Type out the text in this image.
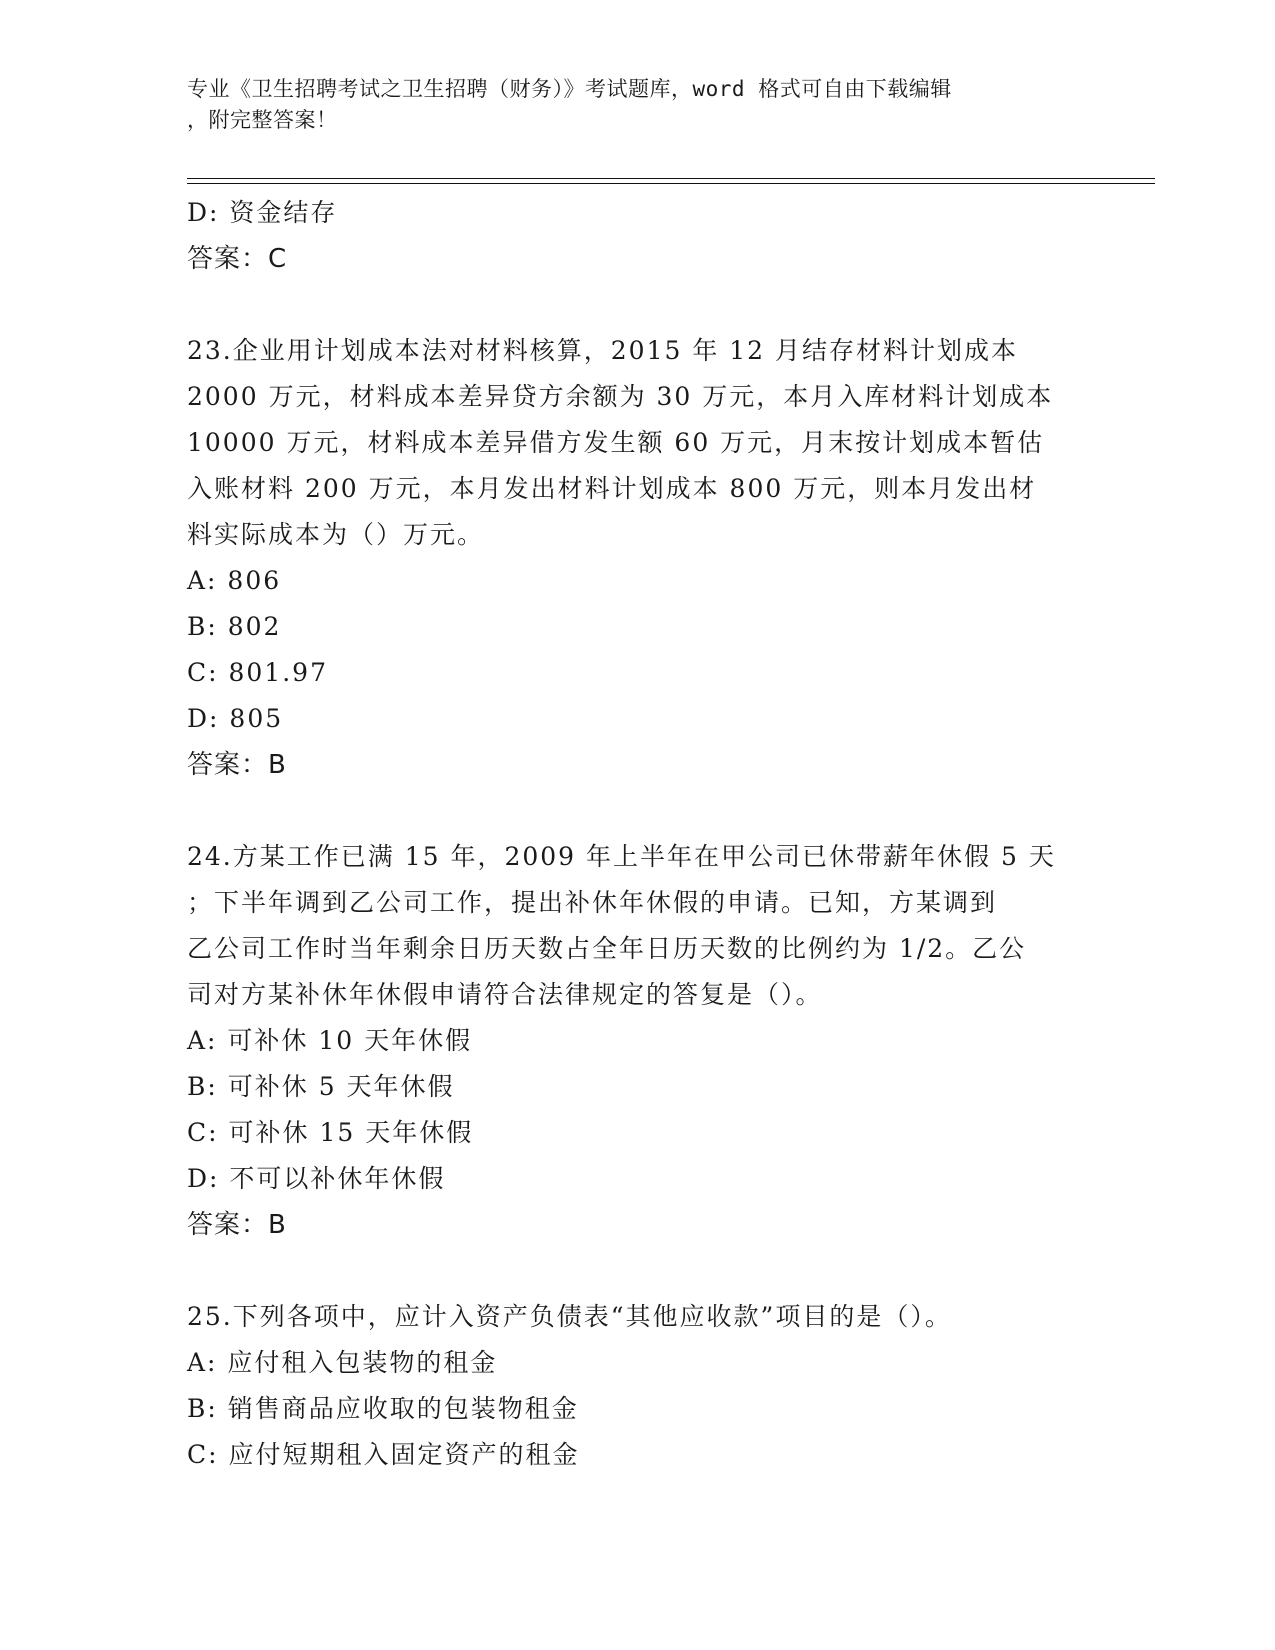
专业《卫生招聘考试之卫生招聘（财务）》考试题库，word 格式可自由下载编辑
，附完整答案！
D: 资金结存
答案：C
23.企业用计划成本法对材料核算，2015 年 12 月结存材料计划成本
2000 万元，材料成本差异贷方余额为 30 万元，本月入库材料计划成本
10000 万元，材料成本差异借方发生额 60 万元，月末按计划成本暂估
入账材料 200 万元，本月发出材料计划成本 800 万元，则本月发出材
料实际成本为（）万元。
A: 806
B: 802
C: 801.97
D: 805
答案：B
24.方某工作已满 15 年，2009 年上半年在甲公司已休带薪年休假 5 天
；下半年调到乙公司工作，提出补休年休假的申请。已知，方某调到
乙公司工作时当年剩余日历天数占全年日历天数的比例约为 1/2。乙公
司对方某补休年休假申请符合法律规定的答复是（）。
A: 可补休 10 天年休假
B: 可补休 5 天年休假
C: 可补休 15 天年休假
D: 不可以补休年休假
答案：B
25.下列各项中，应计入资产负债表“其他应收款”项目的是（）。
A: 应付租入包装物的租金
B: 销售商品应收取的包装物租金
C: 应付短期租入固定资产的租金
